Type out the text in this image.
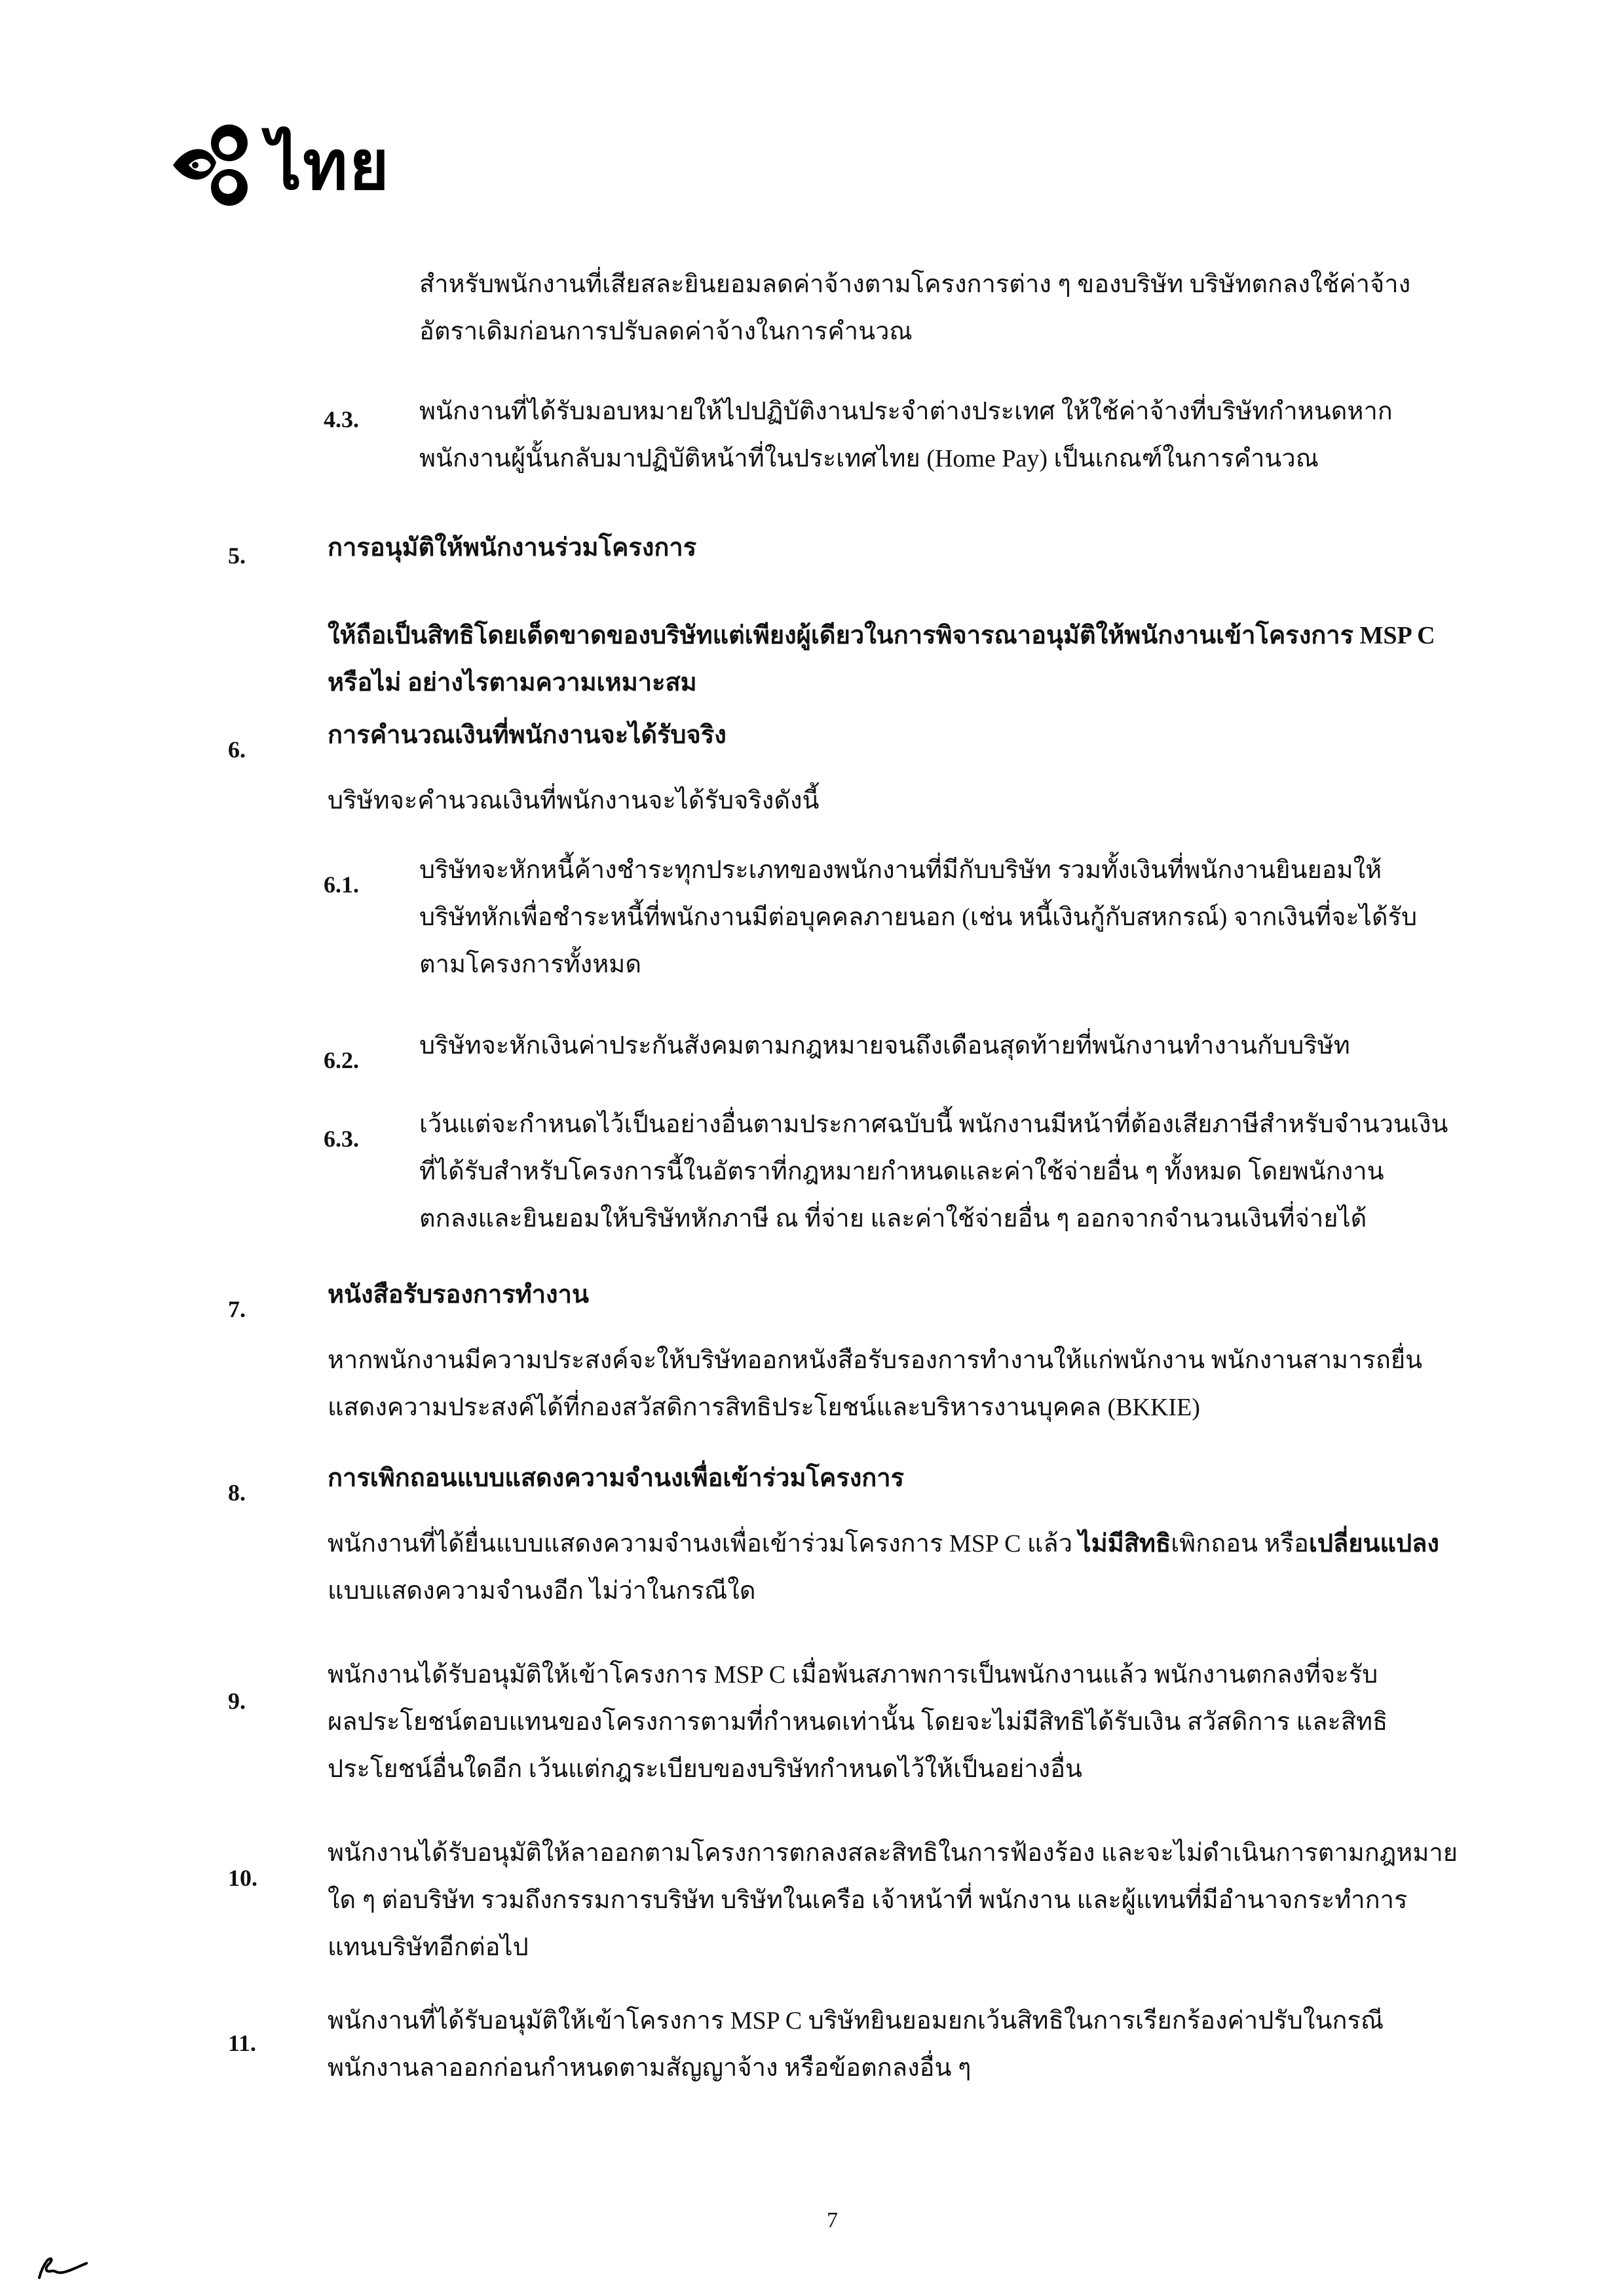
ไทย
สำหรับพนักงานที่เสียสละยินยอมลดค่าจ้างตามโครงการต่าง ๆ ของบริษัท บริษัทตกลงใช้ค่าจ้าง
อัตราเดิมก่อนการปรับลดค่าจ้างในการคำนวณ
4.3. พนักงานที่ได้รับมอบหมายให้ไปปฏิบัติงานประจำต่างประเทศ ให้ใช้ค่าจ้างที่บริษัทกำหนดหาก
พนักงานผู้นั้นกลับมาปฏิบัติหน้าที่ในประเทศไทย (Home Pay) เป็นเกณฑ์ในการคำนวณ
5.	การอนุมัติให้พนักงานร่วมโครงการ
ให้ถือเป็นสิทธิโดยเด็ดขาดของบริษัทแต่เพียงผู้เดียวในการพิจารณาอนุมัติให้พนักงานเข้าโครงการ MSP C
หรือไม่ อย่างไรตามความเหมาะสม
6.
การคำนวณเงินที่พนักงานจะได้รับจริง
บริษัทจะคำนวณเงินที่พนักงานจะได้รับจริงดังนี้
6.1.
บริษัทจะหักหนี้ค้างชำระทุกประเภทของพนักงานที่มีกับบริษัท รวมทั้งเงินที่พนักงานยินยอมให้
บริษัทหักเพื่อชำระหนี้ที่พนักงานมีต่อบุคคลภายนอก (เช่น หนี้เงินกู้กับสหกรณ์) จากเงินที่จะได้รับ
ตามโครงการทั้งหมด
6.2.
บริษัทจะหักเงินค่าประกันสังคมตามกฎหมายจนถึงเดือนสุดท้ายที่พนักงานทำงานกับบริษัท
6.3.
เว้นแต่จะกำหนดไว้เป็นอย่างอื่นตามประกาศฉบับนี้ พนักงานมีหน้าที่ต้องเสียภาษีสำหรับจำนวนเงิน
ที่ได้รับสำหรับโครงการนี้ในอัตราที่กฎหมายกำหนดและค่าใช้จ่ายอื่น ๆ ทั้งหมด โดยพนักงาน
ตกลงและยินยอมให้บริษัทหักภาษี ณ ที่จ่าย และค่าใช้จ่ายอื่น ๆ ออกจากจำนวนเงินที่จ่ายได้
7.
หนังสือรับรองการทำงาน
หากพนักงานมีความประสงค์จะให้บริษัทออกหนังสือรับรองการทำงานให้แก่พนักงาน พนักงานสามารถยื่น
แสดงความประสงค์ได้ที่กองสวัสดิการสิทธิประโยชน์และบริหารงานบุคคล (BKKIE)
8.
การเพิกถอนแบบแสดงความจำนงเพื่อเข้าร่วมโครงการ
พนักงานที่ได้ยื่นแบบแสดงความจำนงเพื่อเข้าร่วมโครงการ MSP C แล้ว ไม่มีสิทธิเพิกถอน หรือเปลี่ยนแปลง
แบบแสดงความจำนงอีก ไม่ว่าในกรณีใด
9.
พนักงานได้รับอนุมัติให้เข้าโครงการ MSP C เมื่อพ้นสภาพการเป็นพนักงานแล้ว พนักงานตกลงที่จะรับ
ผลประโยชน์ตอบแทนของโครงการตามที่กำหนดเท่านั้น โดยจะไม่มีสิทธิได้รับเงิน สวัสดิการ และสิทธิ
ประโยชน์อื่นใดอีก เว้นแต่กฎระเบียบของบริษัทกำหนดไว้ให้เป็นอย่างอื่น
10.
พนักงานได้รับอนุมัติให้ลาออกตามโครงการตกลงสละสิทธิในการฟ้องร้อง และจะไม่ดำเนินการตามกฎหมาย
ใด ๆ ต่อบริษัท รวมถึงกรรมการบริษัท บริษัทในเครือ เจ้าหน้าที่ พนักงาน และผู้แทนที่มีอำนาจกระทำการ
แทนบริษัทอีกต่อไป
11.
พนักงานที่ได้รับอนุมัติให้เข้าโครงการ MSP C บริษัทยินยอมยกเว้นสิทธิในการเรียกร้องค่าปรับในกรณี
พนักงานลาออกก่อนกำหนดตามสัญญาจ้าง หรือข้อตกลงอื่น ๆ
7
